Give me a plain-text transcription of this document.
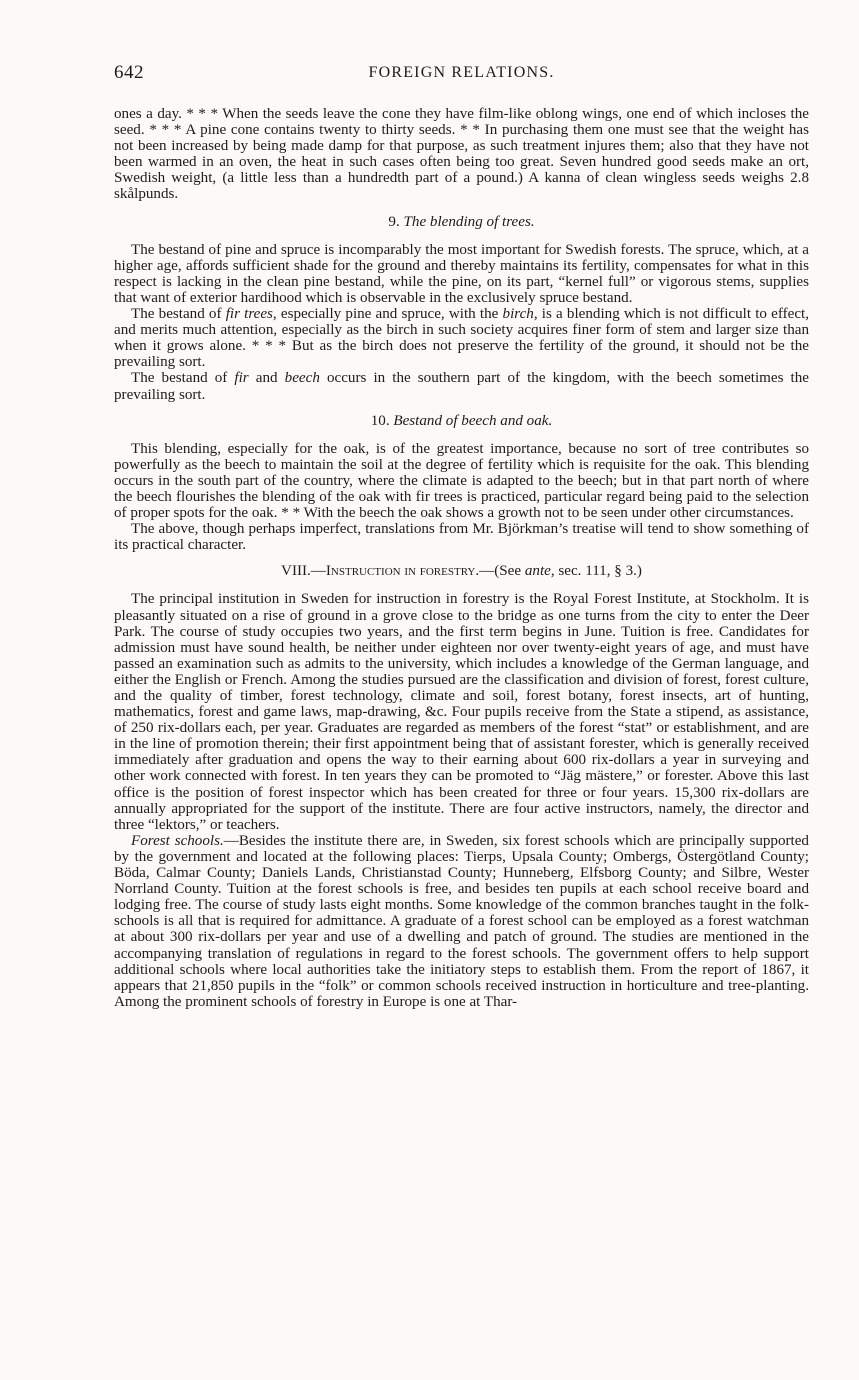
642	FOREIGN RELATIONS.

ones a day. * * * When the seeds leave the cone they have film-like oblong wings, one end of which incloses the seed. * * * A pine cone contains twenty to thirty seeds. * * In purchasing them one must see that the weight has not been increased by being made damp for that purpose, as such treatment injures them; also that they have not been warmed in an oven, the heat in such cases often being too great. Seven hundred good seeds make an ort, Swedish weight, (a little less than a hundredth part of a pound.) A kanna of clean wingless seeds weighs 2.8 skålpunds.

9. The blending of trees.

The bestand of pine and spruce is incomparably the most important for Swedish forests. The spruce, which, at a higher age, affords sufficient shade for the ground and thereby maintains its fertility, compensates for what in this respect is lacking in the clean pine bestand, while the pine, on its part, “kernel full” or vigorous stems, supplies that want of exterior hardihood which is observable in the exclusively spruce bestand.

The bestand of fir trees, especially pine and spruce, with the birch, is a blending which is not difficult to effect, and merits much attention, especially as the birch in such society acquires finer form of stem and larger size than when it grows alone. * * * But as the birch does not preserve the fertility of the ground, it should not be the prevailing sort.

The bestand of fir and beech occurs in the southern part of the kingdom, with the beech sometimes the prevailing sort.

10. Bestand of beech and oak.

This blending, especially for the oak, is of the greatest importance, because no sort of tree contributes so powerfully as the beech to maintain the soil at the degree of fertility which is requisite for the oak. This blending occurs in the south part of the country, where the climate is adapted to the beech; but in that part north of where the beech flourishes the blending of the oak with fir trees is practiced, particular regard being paid to the selection of proper spots for the oak. * * With the beech the oak shows a growth not to be seen under other circumstances.

The above, though perhaps imperfect, translations from Mr. Björkman’s treatise will tend to show something of its practical character.

VIII.—Instruction in forestry.—(See ante, sec. 111, § 3.)

The principal institution in Sweden for instruction in forestry is the Royal Forest Institute, at Stockholm. It is pleasantly situated on a rise of ground in a grove close to the bridge as one turns from the city to enter the Deer Park. The course of study occupies two years, and the first term begins in June. Tuition is free. Candidates for admission must have sound health, be neither under eighteen nor over twenty-eight years of age, and must have passed an examination such as admits to the university, which includes a knowledge of the German language, and either the English or French. Among the studies pursued are the classification and division of forest, forest culture, and the quality of timber, forest technology, climate and soil, forest botany, forest insects, art of hunting, mathematics, forest and game laws, map-drawing, &c. Four pupils receive from the State a stipend, as assistance, of 250 rix-dollars each, per year. Graduates are regarded as members of the forest “stat” or establishment, and are in the line of promotion therein; their first appointment being that of assistant forester, which is generally received immediately after graduation and opens the way to their earning about 600 rix-dollars a year in surveying and other work connected with forest. In ten years they can be promoted to “Jäg mästere,” or forester. Above this last office is the position of forest inspector which has been created for three or four years. 15,300 rix-dollars are annually appropriated for the support of the institute. There are four active instructors, namely, the director and three “lektors,” or teachers.

Forest schools.—Besides the institute there are, in Sweden, six forest schools which are principally supported by the government and located at the following places: Tierps, Upsala County; Ombergs, Östergötland County; Böda, Calmar County; Daniels Lands, Christianstad County; Hunneberg, Elfsborg County; and Silbre, Wester Norrland County. Tuition at the forest schools is free, and besides ten pupils at each school receive board and lodging free. The course of study lasts eight months. Some knowledge of the common branches taught in the folk-schools is all that is required for admittance. A graduate of a forest school can be employed as a forest watchman at about 300 rix-dollars per year and use of a dwelling and patch of ground. The studies are mentioned in the accompanying translation of regulations in regard to the forest schools. The government offers to help support additional schools where local authorities take the initiatory steps to establish them. From the report of 1867, it appears that 21,850 pupils in the “folk” or common schools received instruction in horticulture and tree-planting. Among the prominent schools of forestry in Europe is one at Thar-
